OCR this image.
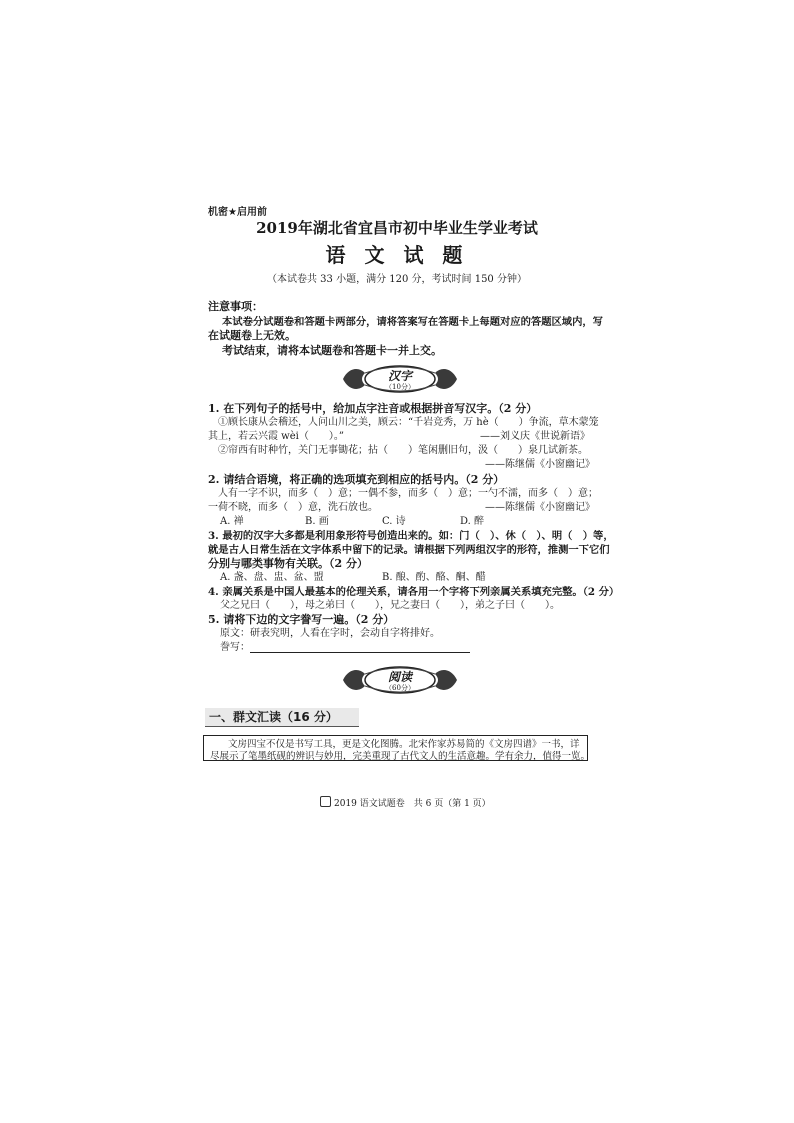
机密★启用前
2019年湖北省宜昌市初中毕业生学业考试
语 文 试 题
（本试卷共 33 小题，满分 120 分，考试时间 150 分钟）
注意事项：
本试卷分试题卷和答题卡两部分，请将答案写在答题卡上每题对应的答题区域内，写
在试题卷上无效。
考试结束，请将本试题卷和答题卡一并上交。
汉字
（10分）
1. 在下列句子的括号中，给加点字注音或根据拼音写汉字。（2 分）
①顾长康从会稽还，人问山川之美，顾云：“千岩竞秀，万 hè（　　）争流，草木蒙笼
其上，若云兴霞 wèi（　　）。”	——刘义庆《世说新语》
②帘西有时种竹，关门无事锄花；拈（　　）笔闲删旧句，汲（　　）泉几试新茶。
——陈继儒《小窗幽记》
2. 请结合语境，将正确的选项填充到相应的括号内。（2 分）
人有一字不识，而多（　）意；一偶不参，而多（　）意；一勺不濡，而多（　）意；
一荷不晓，而多（　）意，洗石放也。	——陈继儒《小窗幽记》
A. 禅	B. 画	C. 诗	D. 醉
3. 最初的汉字大多都是利用象形符号创造出来的。如：门（　）、休（　）、明（　）等，
就是古人日常生活在文字体系中留下的记录。请根据下列两组汉字的形符，推测一下它们
分别与哪类事物有关联。（2 分）
A. 盏、盘、盅、盆、盟	B. 酿、酌、酪、酮、醋
4. 亲属关系是中国人最基本的伦理关系，请各用一个字将下列亲属关系填充完整。（2 分）
父之兄曰（　　），母之弟曰（　　），兄之妻曰（　　），弟之子曰（　　）。
5. 请将下边的文字誊写一遍。（2 分）
原文：研表究明，人看在字时，会动自字将排好。
誊写：
阅读
（60分）
一、群文汇读（16 分）
文房四宝不仅是书写工具，更是文化图腾。北宋作家苏易简的《文房四谱》一书，详
尽展示了笔墨纸砚的辨识与妙用，完美重现了古代文人的生活意趣。学有余力，值得一览。
2019 语文试题卷　共 6 页（第 1 页）
